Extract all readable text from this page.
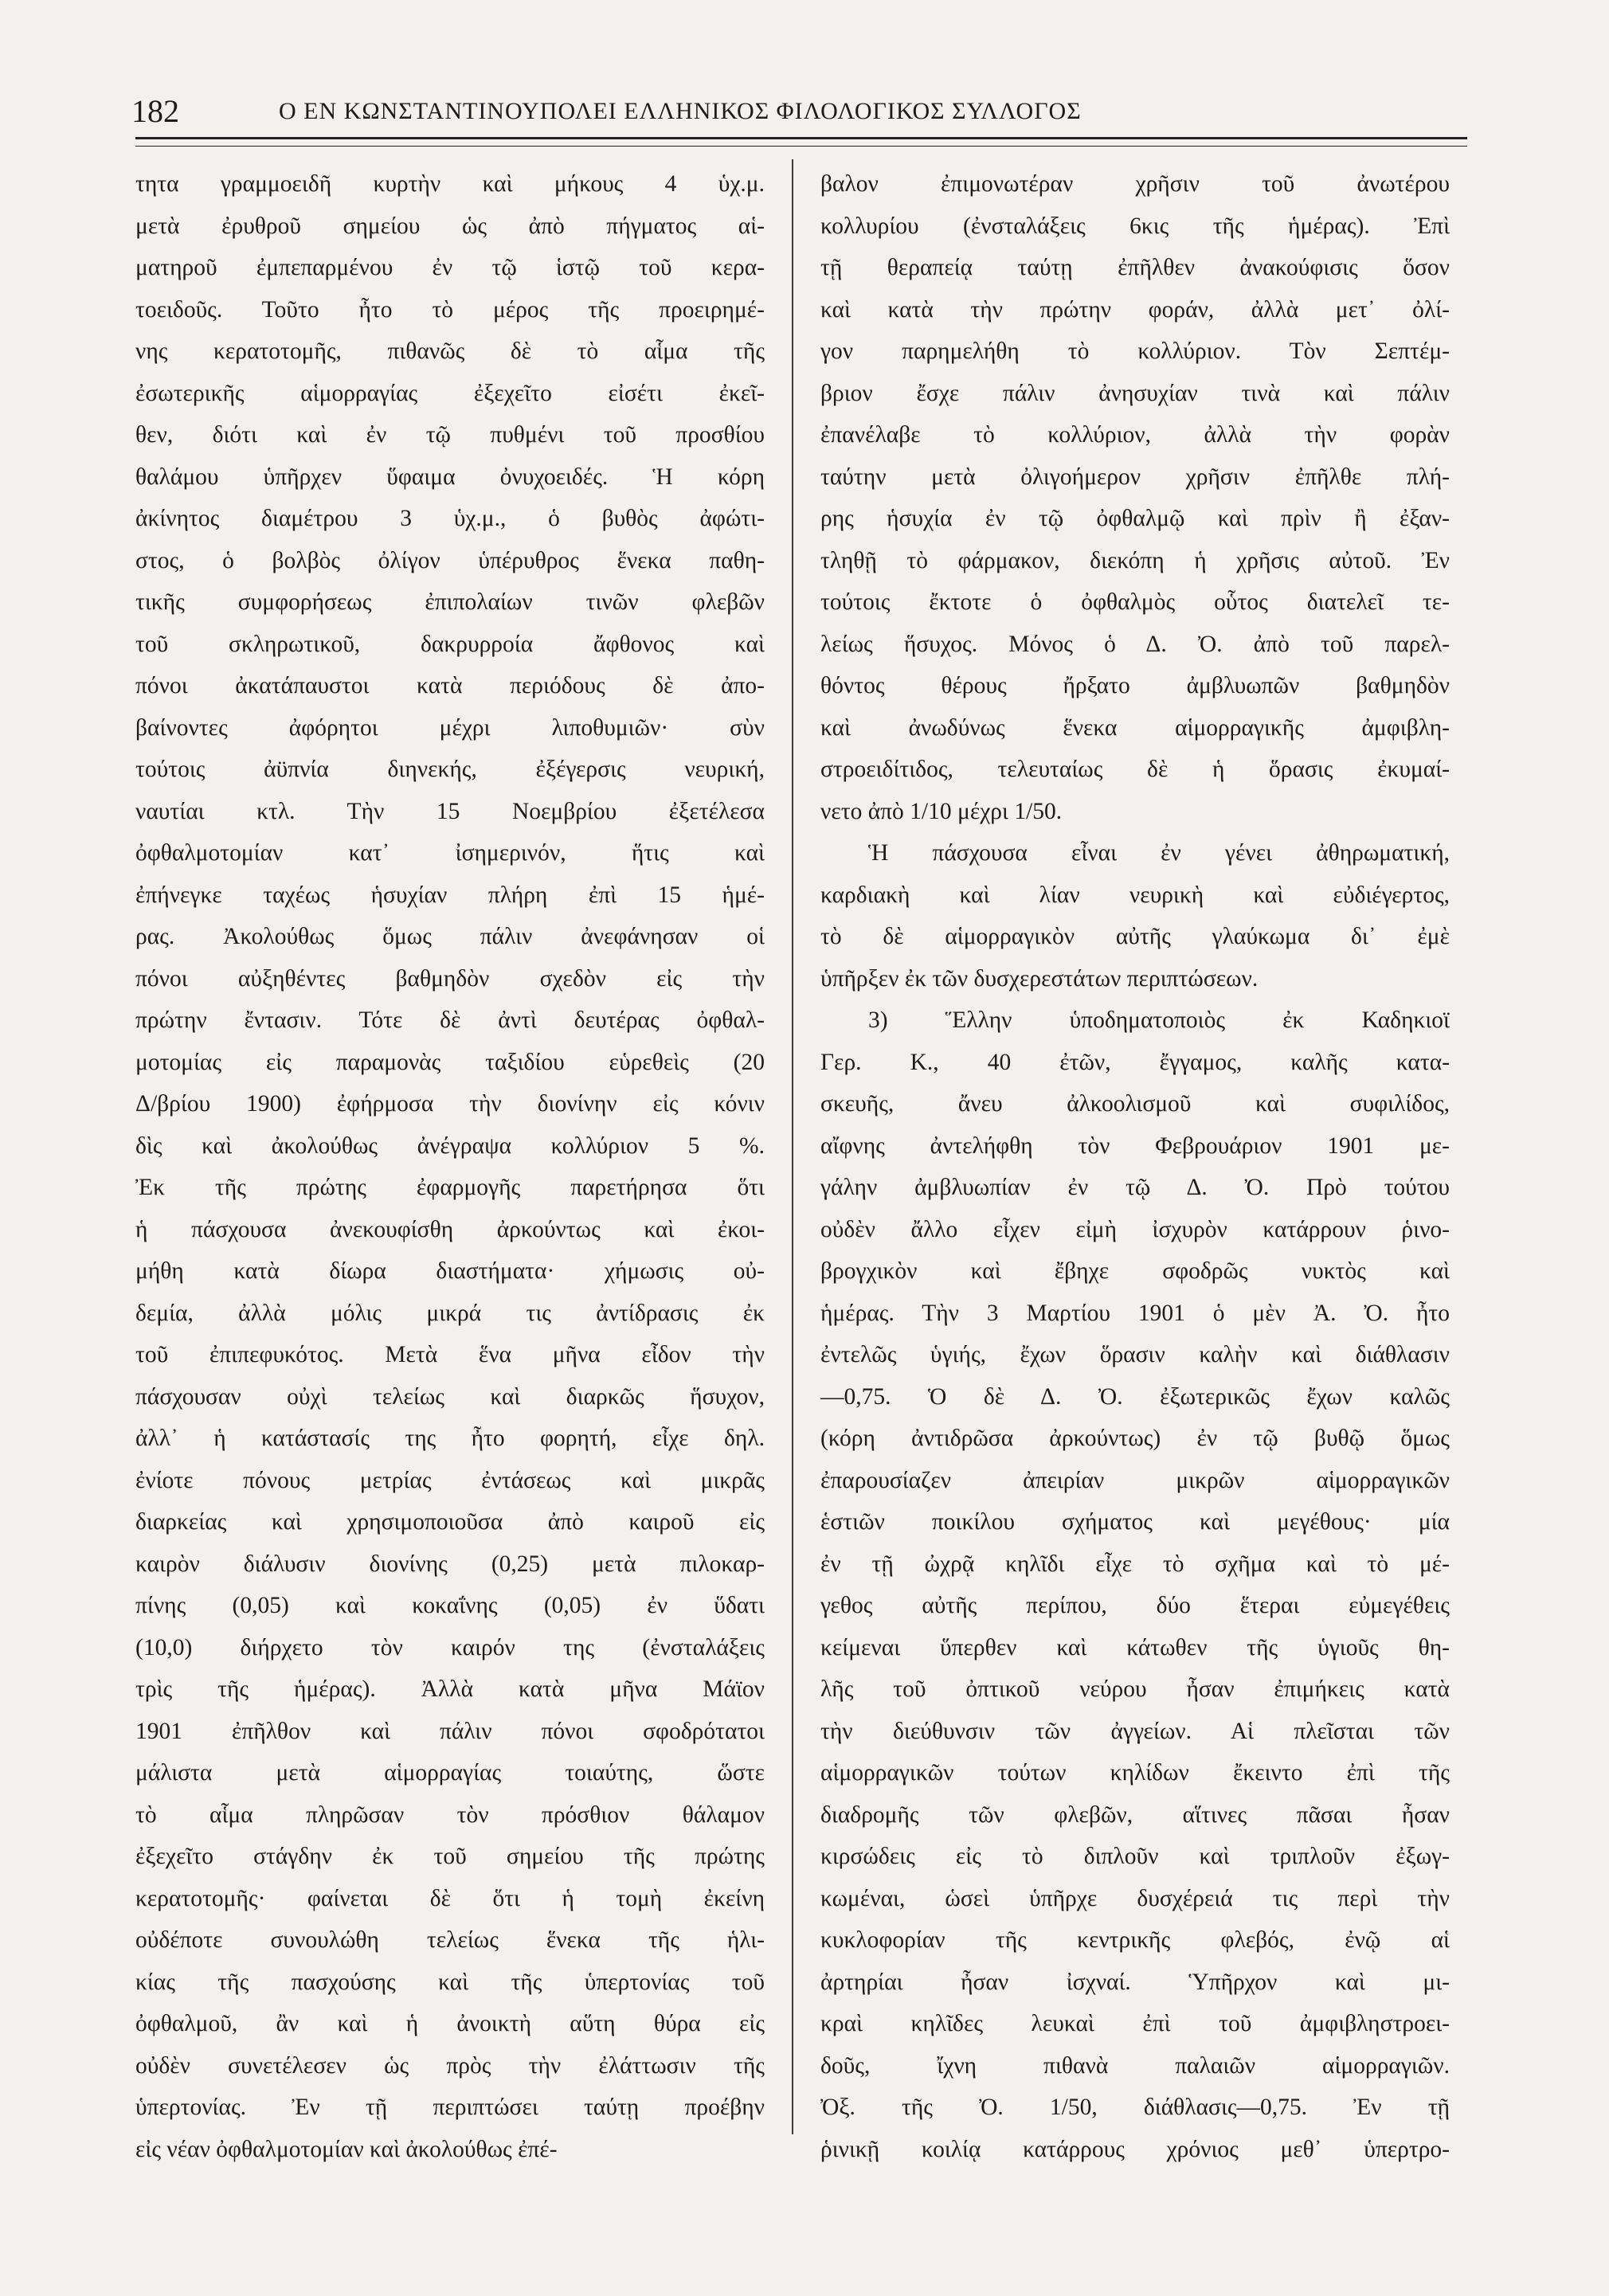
182	Ο ΕΝ ΚΩΝΣΤΑΝΤΙΝΟΥΠΟΛΕΙ ΕΛΛΗΝΙΚΟΣ ΦΙΛΟΛΟΓΙΚΟΣ ΣΥΛΛΟΓΟΣ
τητα γραμμοειδῆ κυρτὴν καὶ μήκους 4 ὑχ.μ.
μετὰ ἐρυθροῦ σημείου ὡς ἀπὸ πήγματος αἱ-
ματηροῦ ἐμπεπαρμένου ἐν τῷ ἱστῷ τοῦ κερα-
τοειδοῦς. Τοῦτο ἦτο τὸ μέρος τῆς προειρημέ-
νης κερατοτομῆς, πιθανῶς δὲ τὸ αἷμα τῆς
ἐσωτερικῆς αἱμορραγίας ἐξεχεῖτο εἰσέτι ἐκεῖ-
θεν, διότι καὶ ἐν τῷ πυθμένι τοῦ προσθίου
θαλάμου ὑπῆρχεν ὕφαιμα ὀνυχοειδές. Ἡ κόρη
ἀκίνητος διαμέτρου 3 ὑχ.μ., ὁ βυθὸς ἀφώτι-
στος, ὁ βολβὸς ὀλίγον ὑπέρυθρος ἕνεκα παθη-
τικῆς συμφορήσεως ἐπιπολαίων τινῶν φλεβῶν
τοῦ σκληρωτικοῦ, δακρυρροία ἄφθονος καὶ
πόνοι ἀκατάπαυστοι κατὰ περιόδους δὲ ἀπο-
βαίνοντες ἀφόρητοι μέχρι λιποθυμιῶν· σὺν
τούτοις ἀϋπνία διηνεκής, ἐξέγερσις νευρική,
ναυτίαι κτλ. Τὴν 15 Νοεμβρίου ἐξετέλεσα
ὀφθαλμοτομίαν κατ᾽ ἰσημερινόν, ἥτις καὶ
ἐπήνεγκε ταχέως ἡσυχίαν πλήρη ἐπὶ 15 ἡμέ-
ρας. Ἀκολούθως ὅμως πάλιν ἀνεφάνησαν οἱ
πόνοι αὐξηθέντες βαθμηδὸν σχεδὸν εἰς τὴν
πρώτην ἔντασιν. Τότε δὲ ἀντὶ δευτέρας ὀφθαλ-
μοτομίας εἰς παραμονὰς ταξιδίου εὑρεθεὶς (20
Δ/βρίου 1900) ἐφήρμοσα τὴν διονίνην εἰς κόνιν
δὶς καὶ ἀκολούθως ἀνέγραψα κολλύριον 5 %.
Ἐκ τῆς πρώτης ἐφαρμογῆς παρετήρησα ὅτι
ἡ πάσχουσα ἀνεκουφίσθη ἀρκούντως καὶ ἐκοι-
μήθη κατὰ δίωρα διαστήματα· χήμωσις οὐ-
δεμία, ἀλλὰ μόλις μικρά τις ἀντίδρασις ἐκ
τοῦ ἐπιπεφυκότος. Μετὰ ἕνα μῆνα εἶδον τὴν
πάσχουσαν οὐχὶ τελείως καὶ διαρκῶς ἥσυχον,
ἀλλ᾽ ἡ κατάστασίς της ἦτο φορητή, εἶχε δηλ.
ἐνίοτε πόνους μετρίας ἐντάσεως καὶ μικρᾶς
διαρκείας καὶ χρησιμοποιοῦσα ἀπὸ καιροῦ εἰς
καιρὸν διάλυσιν διονίνης (0,25) μετὰ πιλοκαρ-
πίνης (0,05) καὶ κοκαΐνης (0,05) ἐν ὕδατι
(10,0) διήρχετο τὸν καιρόν της (ἐνσταλάξεις
τρὶς τῆς ἡμέρας). Ἀλλὰ κατὰ μῆνα Μάϊον
1901 ἐπῆλθον καὶ πάλιν πόνοι σφοδρότατοι
μάλιστα μετὰ αἱμορραγίας τοιαύτης, ὥστε
τὸ αἷμα πληρῶσαν τὸν πρόσθιον θάλαμον
ἐξεχεῖτο στάγδην ἐκ τοῦ σημείου τῆς πρώτης
κερατοτομῆς· φαίνεται δὲ ὅτι ἡ τομὴ ἐκείνη
οὐδέποτε συνουλώθη τελείως ἕνεκα τῆς ἡλι-
κίας τῆς πασχούσης καὶ τῆς ὑπερτονίας τοῦ
ὀφθαλμοῦ, ἂν καὶ ἡ ἀνοικτὴ αὕτη θύρα εἰς
οὐδὲν συνετέλεσεν ὡς πρὸς τὴν ἐλάττωσιν τῆς
ὑπερτονίας. Ἐν τῇ περιπτώσει ταύτῃ προέβην
εἰς νέαν ὀφθαλμοτομίαν καὶ ἀκολούθως ἐπέ-
βαλον ἐπιμονωτέραν χρῆσιν τοῦ ἀνωτέρου
κολλυρίου (ἐνσταλάξεις 6κις τῆς ἡμέρας). Ἐπὶ
τῇ θεραπείᾳ ταύτῃ ἐπῆλθεν ἀνακούφισις ὅσον
καὶ κατὰ τὴν πρώτην φοράν, ἀλλὰ μετ᾽ ὀλί-
γον παρημελήθη τὸ κολλύριον. Τὸν Σεπτέμ-
βριον ἔσχε πάλιν ἀνησυχίαν τινὰ καὶ πάλιν
ἐπανέλαβε τὸ κολλύριον, ἀλλὰ τὴν φορὰν
ταύτην μετὰ ὀλιγοήμερον χρῆσιν ἐπῆλθε πλή-
ρης ἡσυχία ἐν τῷ ὀφθαλμῷ καὶ πρὶν ἢ ἐξαν-
τληθῇ τὸ φάρμακον, διεκόπη ἡ χρῆσις αὐτοῦ. Ἐν
τούτοις ἔκτοτε ὁ ὀφθαλμὸς οὗτος διατελεῖ τε-
λείως ἥσυχος. Μόνος ὁ Δ. Ὀ. ἀπὸ τοῦ παρελ-
θόντος θέρους ἤρξατο ἀμβλυωπῶν βαθμηδὸν
καὶ ἀνωδύνως ἕνεκα αἱμορραγικῆς ἀμφιβλη-
στροειδίτιδος, τελευταίως δὲ ἡ ὅρασις ἐκυμαί-
νετο ἀπὸ 1/10 μέχρι 1/50.
Ἡ πάσχουσα εἶναι ἐν γένει ἀθηρωματική,
καρδιακὴ καὶ λίαν νευρικὴ καὶ εὐδιέγερτος,
τὸ δὲ αἱμορραγικὸν αὐτῆς γλαύκωμα δι᾽ ἐμὲ
ὑπῆρξεν ἐκ τῶν δυσχερεστάτων περιπτώσεων.
3) Ἕλλην ὑποδηματοποιὸς ἐκ Καδηκιοϊ
Γερ. Κ., 40 ἐτῶν, ἔγγαμος, καλῆς κατα-
σκευῆς, ἄνευ ἀλκοολισμοῦ καὶ συφιλίδος,
αἴφνης ἀντελήφθη τὸν Φεβρουάριον 1901 με-
γάλην ἀμβλυωπίαν ἐν τῷ Δ. Ὀ. Πρὸ τούτου
οὐδὲν ἄλλο εἶχεν εἰμὴ ἰσχυρὸν κατάρρουν ῥινο-
βρογχικὸν καὶ ἔβηχε σφοδρῶς νυκτὸς καὶ
ἡμέρας. Τὴν 3 Μαρτίου 1901 ὁ μὲν Ἀ. Ὀ. ἦτο
ἐντελῶς ὑγιής, ἔχων ὅρασιν καλὴν καὶ διάθλασιν
—0,75. Ὁ δὲ Δ. Ὀ. ἐξωτερικῶς ἔχων καλῶς
(κόρη ἀντιδρῶσα ἀρκούντως) ἐν τῷ βυθῷ ὅμως
ἐπαρουσίαζεν ἀπειρίαν μικρῶν αἱμορραγικῶν
ἑστιῶν ποικίλου σχήματος καὶ μεγέθους· μία
ἐν τῇ ὠχρᾷ κηλῖδι εἶχε τὸ σχῆμα καὶ τὸ μέ-
γεθος αὐτῆς περίπου, δύο ἕτεραι εὐμεγέθεις
κείμεναι ὕπερθεν καὶ κάτωθεν τῆς ὑγιοῦς θη-
λῆς τοῦ ὀπτικοῦ νεύρου ἦσαν ἐπιμήκεις κατὰ
τὴν διεύθυνσιν τῶν ἀγγείων. Αἱ πλεῖσται τῶν
αἱμορραγικῶν τούτων κηλίδων ἔκειντο ἐπὶ τῆς
διαδρομῆς τῶν φλεβῶν, αἵτινες πᾶσαι ἦσαν
κιρσώδεις εἰς τὸ διπλοῦν καὶ τριπλοῦν ἐξωγ-
κωμέναι, ὡσεὶ ὑπῆρχε δυσχέρειά τις περὶ τὴν
κυκλοφορίαν τῆς κεντρικῆς φλεβός, ἐνῷ αἱ
ἀρτηρίαι ἦσαν ἰσχναί. Ὑπῆρχον καὶ μι-
κραὶ κηλῖδες λευκαὶ ἐπὶ τοῦ ἀμφιβληστροει-
δοῦς, ἴχνη πιθανὰ παλαιῶν αἱμορραγιῶν.
Ὀξ. τῆς Ὀ. 1/50, διάθλασις—0,75. Ἐν τῇ
ῥινικῇ κοιλίᾳ κατάρρους χρόνιος μεθ᾽ ὑπερτρο-
